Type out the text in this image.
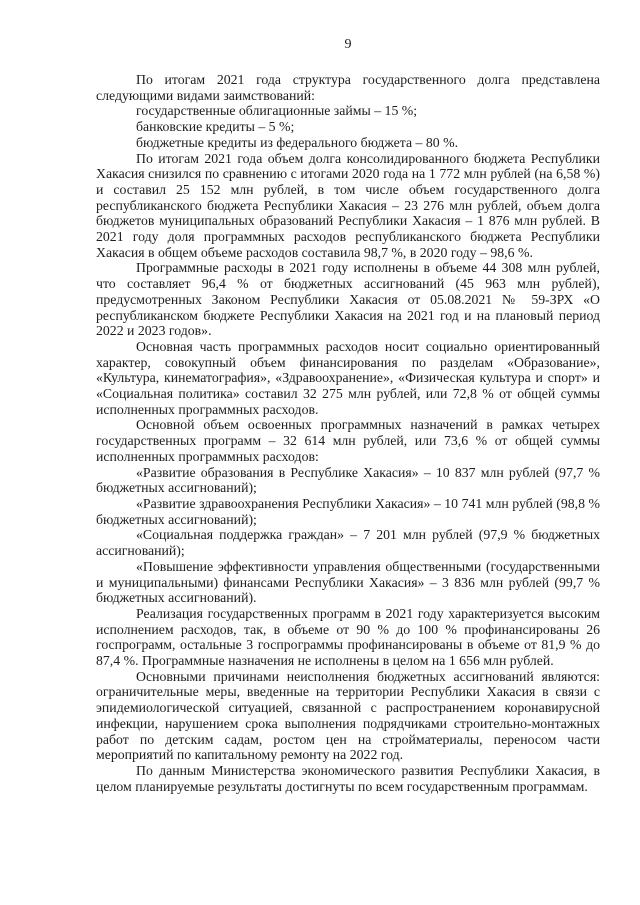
9

По итогам 2021 года структура государственного долга представлена следующими видами заимствований:

государственные облигационные займы – 15 %;

банковские кредиты – 5 %;

бюджетные кредиты из федерального бюджета – 80 %.

По итогам 2021 года объем долга консолидированного бюджета Республики Хакасия снизился по сравнению с итогами 2020 года на 1 772 млн рублей (на 6,58 %) и составил 25 152 млн рублей, в том числе объем государственного долга республиканского бюджета Республики Хакасия – 23 276 млн рублей, объем долга бюджетов муниципальных образований Республики Хакасия – 1 876 млн рублей. В 2021 году доля программных расходов республиканского бюджета Республики Хакасия в общем объеме расходов составила 98,7 %, в 2020 году – 98,6 %.

Программные расходы в 2021 году исполнены в объеме 44 308 млн рублей, что составляет 96,4 % от бюджетных ассигнований (45 963 млн рублей), предусмотренных Законом Республики Хакасия от 05.08.2021 № 59-ЗРХ «О республиканском бюджете Республики Хакасия на 2021 год и на плановый период 2022 и 2023 годов».

Основная часть программных расходов носит социально ориентированный характер, совокупный объем финансирования по разделам «Образование», «Культура, кинематография», «Здравоохранение», «Физическая культура и спорт» и «Социальная политика» составил 32 275 млн рублей, или 72,8 % от общей суммы исполненных программных расходов.

Основной объем освоенных программных назначений в рамках четырех государственных программ – 32 614 млн рублей, или 73,6 % от общей суммы исполненных программных расходов:

«Развитие образования в Республике Хакасия» – 10 837 млн рублей (97,7 % бюджетных ассигнований);

«Развитие здравоохранения Республики Хакасия» – 10 741 млн рублей (98,8 % бюджетных ассигнований);

«Социальная поддержка граждан» – 7 201 млн рублей (97,9 % бюджетных ассигнований);

«Повышение эффективности управления общественными (государственными и муниципальными) финансами Республики Хакасия» – 3 836 млн рублей (99,7 % бюджетных ассигнований).

Реализация государственных программ в 2021 году характеризуется высоким исполнением расходов, так, в объеме от 90 % до 100 % профинансированы 26 госпрограмм, остальные 3 госпрограммы профинансированы в объеме от 81,9 % до 87,4 %. Программные назначения не исполнены в целом на 1 656 млн рублей.

Основными причинами неисполнения бюджетных ассигнований являются: ограничительные меры, введенные на территории Республики Хакасия в связи с эпидемиологической ситуацией, связанной с распространением коронавирусной инфекции, нарушением срока выполнения подрядчиками строительно-монтажных работ по детским садам, ростом цен на стройматериалы, переносом части мероприятий по капитальному ремонту на 2022 год.

По данным Министерства экономического развития Республики Хакасия, в целом планируемые результаты достигнуты по всем государственным программам.
